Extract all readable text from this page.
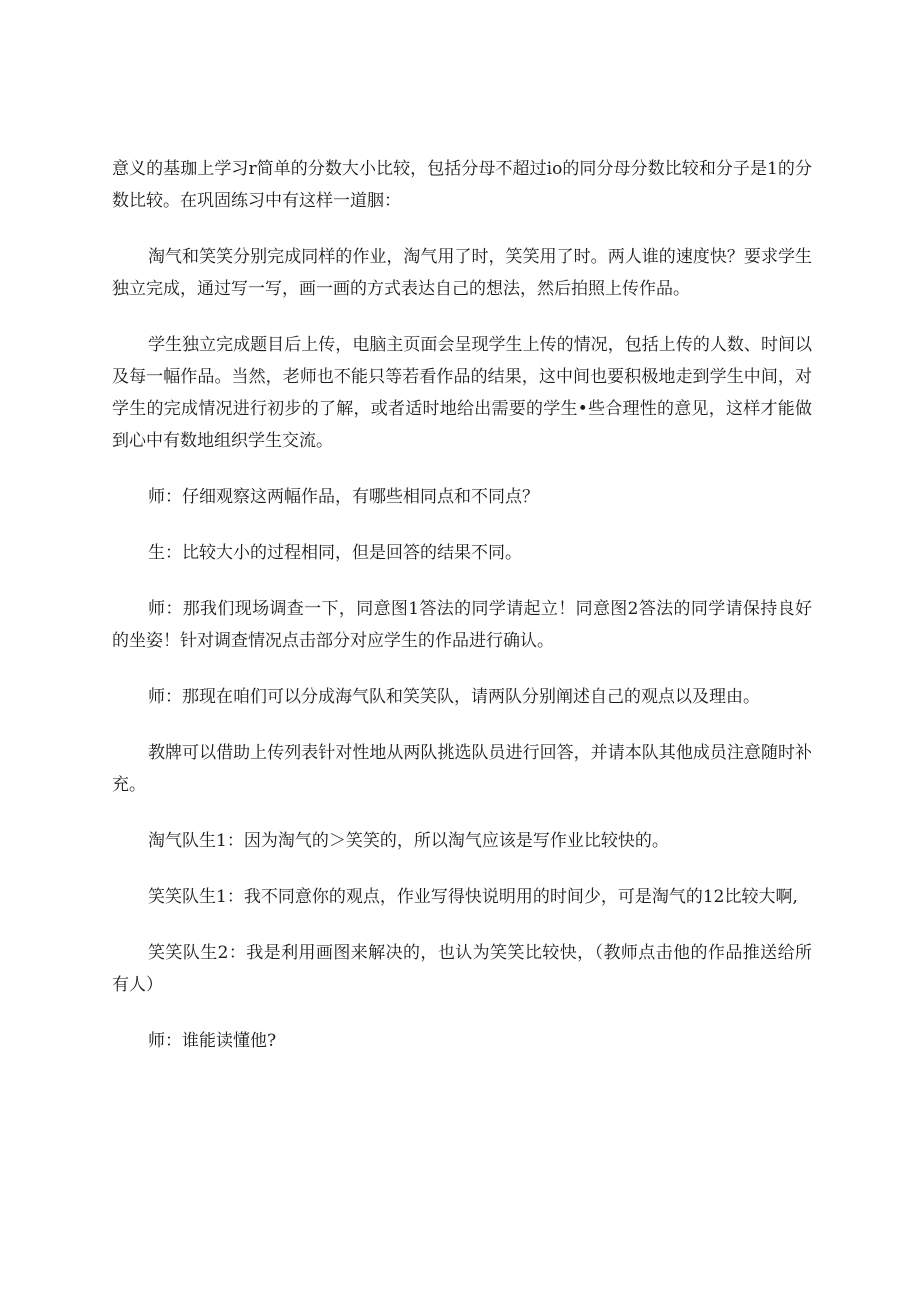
意义的基珈上学习r简单的分数大小比较，包括分母不超过io的同分母分数比较和分子是1的分数比较。在巩固练习中有这样一道胭：

淘气和笑笑分别完成同样的作业，淘气用了时，笑笑用了时。两人谁的速度快？要求学生独立完成，通过写一写，画一画的方式表达自己的想法，然后拍照上传作品。

学生独立完成题目后上传，电脑主页面会呈现学生上传的情况，包括上传的人数、时间以及每一幅作品。当然，老师也不能只等若看作品的结果，这中间也要积极地走到学生中间，对学生的完成情况进行初步的了解，或者适时地给出需要的学生•些合理性的意见，这样才能做到心中有数地组织学生交流。

师：仔细观察这两幅作品，有哪些相同点和不同点？

生：比较大小的过程相同，但是回答的结果不同。

师：那我们现场调查一下，同意图1答法的同学请起立！同意图2答法的同学请保持良好的坐姿！针对调查情况点击部分对应学生的作品进行确认。

师：那现在咱们可以分成海气队和笑笑队，请两队分别阐述自己的观点以及理由。

教牌可以借助上传列表针对性地从两队挑选队员进行回答，并请本队其他成员注意随时补充。

淘气队生1：因为淘气的＞笑笑的，所以淘气应该是写作业比较快的。

笑笑队生1：我不同意你的观点，作业写得快说明用的时间少，可是淘气的12比较大啊,

笑笑队生2：我是利用画图来解决的，也认为笑笑比较快，（教师点击他的作品推送给所有人）

师：谁能读懂他?
